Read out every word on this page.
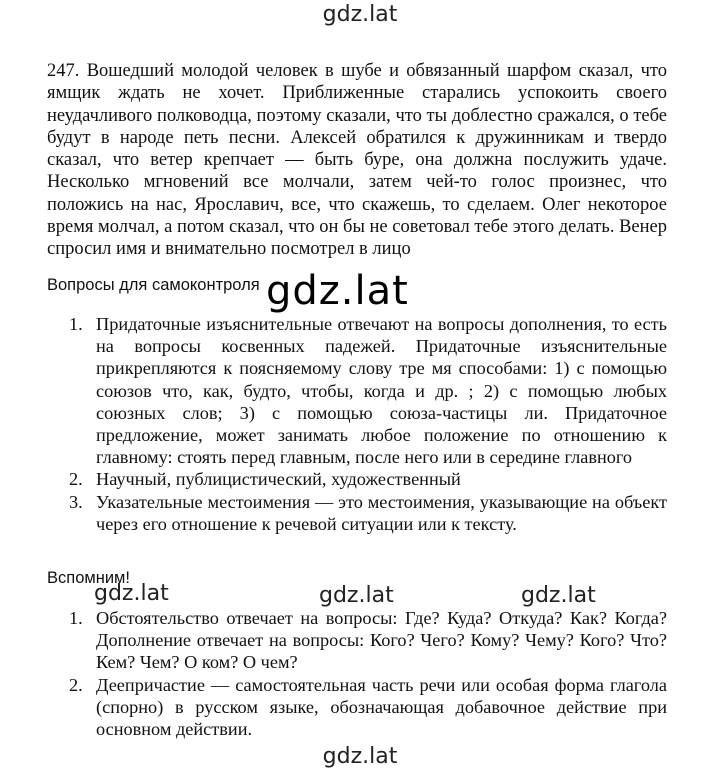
gdz.lat
247. Вошедший молодой человек в шубе и обвязанный шарфом сказал, что ямщик ждать не хочет. Приближенные старались успокоить своего неудачливого полководца, поэтому сказали, что ты доблестно сражался, о тебе будут в народе петь песни. Алексей обратился к дружинникам и твердо сказал, что ветер крепчает — быть буре, она должна послужить удаче. Несколько мгновений все молчали, затем чей-то голос произнес, что положись на нас, Ярославич, все, что скажешь, то сделаем. Олег некоторое время молчал, а потом сказал, что он бы не советовал тебе этого делать. Венер спросил имя и внимательно посмотрел в лицо
Вопросы для самоконтроля
1. Придаточные изъяснительные отвечают на вопросы дополнения, то есть на вопросы косвенных падежей. Придаточные изъяснительные прикрепляются к поясняемому слову тре мя способами: 1) с помощью союзов что, как, будто, чтобы, когда и др. ; 2) с помощью любых союзных слов; 3) с помощью союза-частицы ли. Придаточное предложение, может занимать любое положение по отношению к главному: стоять перед главным, после него или в середине главного
2. Научный, публицистический, художественный
3. Указательные местоимения — это местоимения, указывающие на объект через его отношение к речевой ситуации или к тексту.
Вспомним!
1. Обстоятельство отвечает на вопросы: Где? Куда? Откуда? Как? Когда? Дополнение отвечает на вопросы: Кого? Чего? Кому? Чему? Кого? Что? Кем? Чем? О ком? О чем?
2. Деепричастие — самостоятельная часть речи или особая форма глагола (спорно) в русском языке, обозначающая добавочное действие при основном действии.
gdz.lat
gdz.lat	gdz.lat	gdz.lat
gdz.lat
